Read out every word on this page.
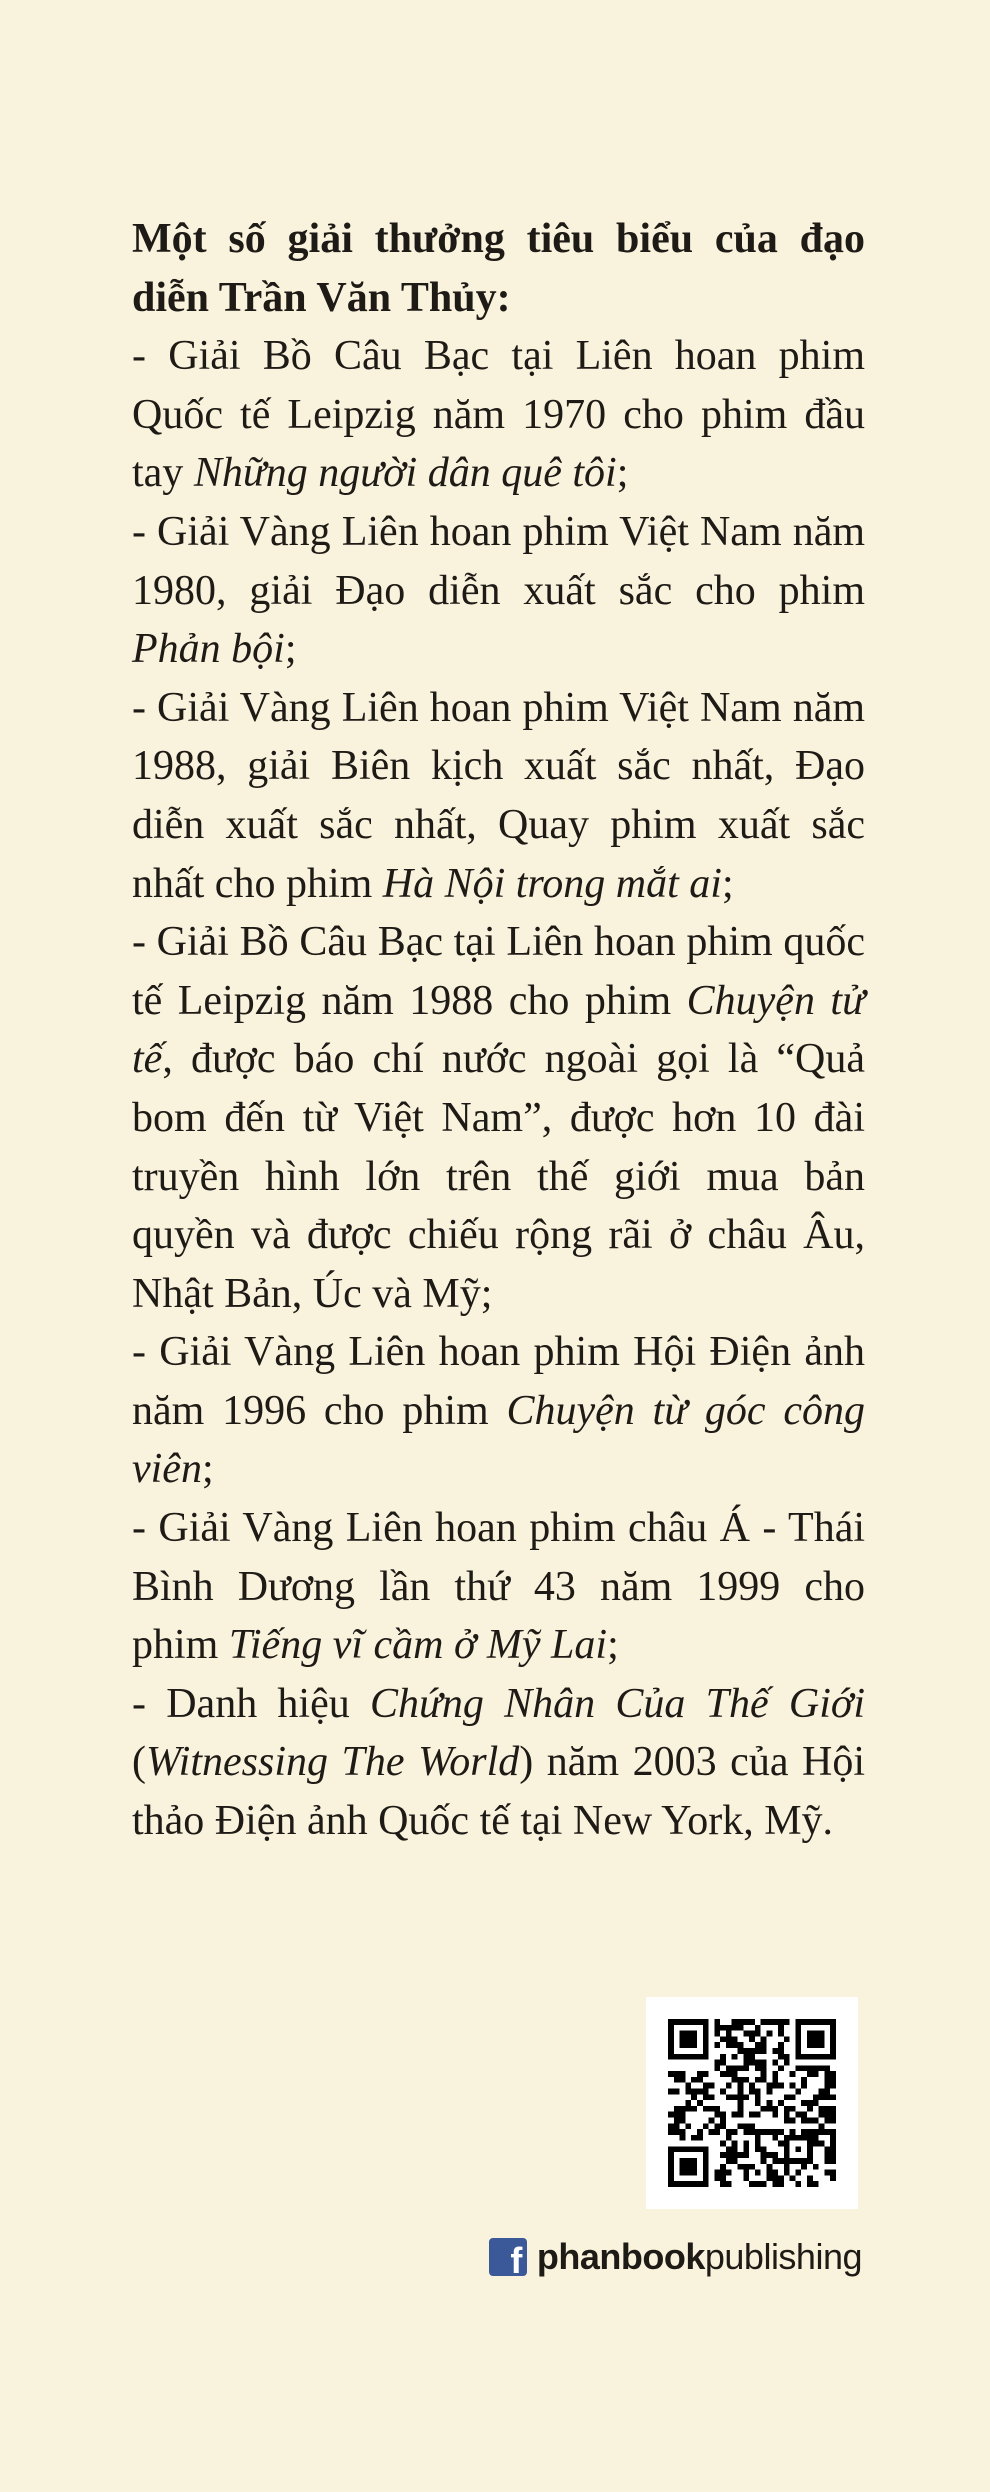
Một số giải thưởng tiêu biểu của đạo diễn Trần Văn Thủy:

- Giải Bồ Câu Bạc tại Liên hoan phim Quốc tế Leipzig năm 1970 cho phim đầu tay Những người dân quê tôi;

- Giải Vàng Liên hoan phim Việt Nam năm 1980, giải Đạo diễn xuất sắc cho phim Phản bội;

- Giải Vàng Liên hoan phim Việt Nam năm 1988, giải Biên kịch xuất sắc nhất, Đạo diễn xuất sắc nhất, Quay phim xuất sắc nhất cho phim Hà Nội trong mắt ai;

- Giải Bồ Câu Bạc tại Liên hoan phim quốc tế Leipzig năm 1988 cho phim Chuyện tử tế, được báo chí nước ngoài gọi là “Quả bom đến từ Việt Nam”, được hơn 10 đài truyền hình lớn trên thế giới mua bản quyền và được chiếu rộng rãi ở châu Âu, Nhật Bản, Úc và Mỹ;

- Giải Vàng Liên hoan phim Hội Điện ảnh năm 1996 cho phim Chuyện từ góc công viên;

- Giải Vàng Liên hoan phim châu Á - Thái Bình Dương lần thứ 43 năm 1999 cho phim Tiếng vĩ cầm ở Mỹ Lai;

- Danh hiệu Chứng Nhân Của Thế Giới (Witnessing The World) năm 2003 của Hội thảo Điện ảnh Quốc tế tại New York, Mỹ.

f phanbook publishing
